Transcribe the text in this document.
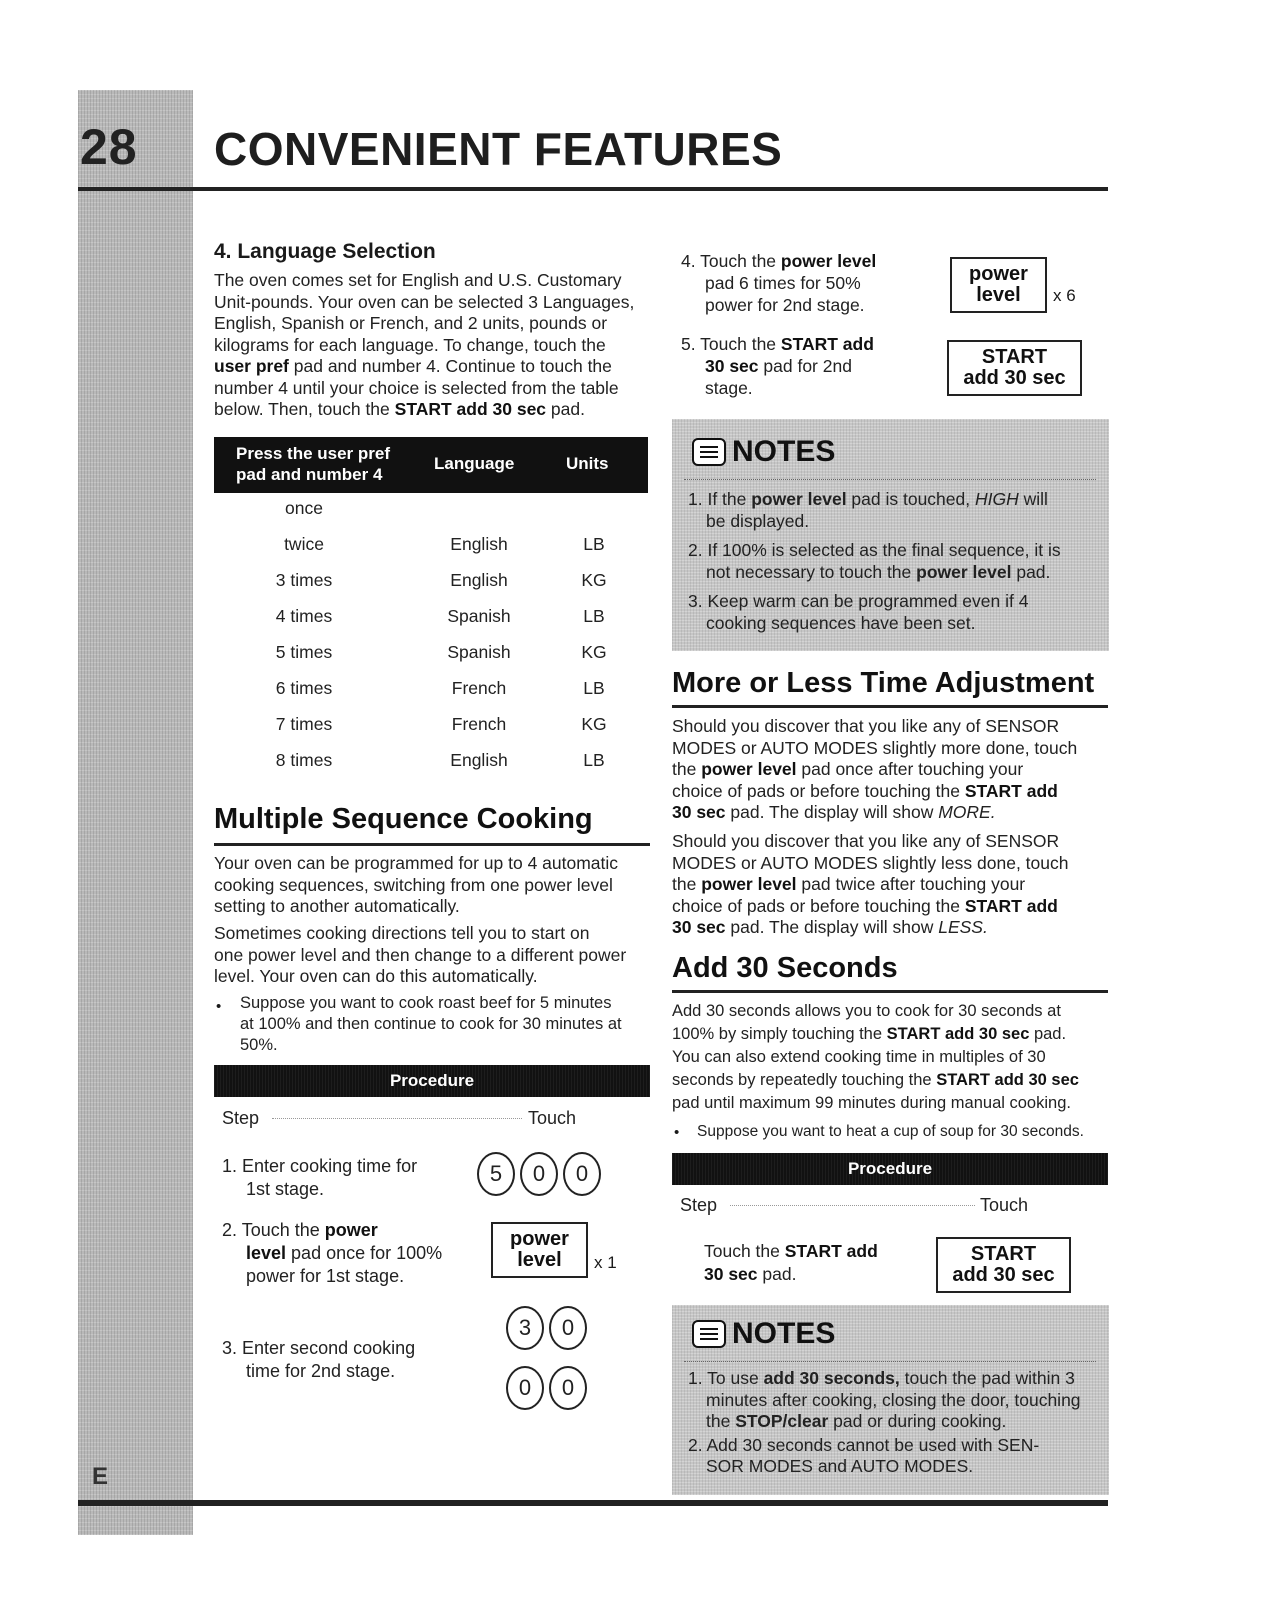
28 CONVENIENT FEATURES
E
4. Language Selection
The oven comes set for English and U.S. Customary
Unit-pounds. Your oven can be selected 3 Languages,
English, Spanish or French, and 2 units, pounds or
kilograms for each language. To change, touch the
user pref pad and number 4. Continue to touch the
number 4 until your choice is selected from the table
below. Then, touch the START add 30 sec pad.
Press the user pref
pad and number 4
Language	Units
once
twice	English	LB
3 times	English	KG
4 times	Spanish	LB
5 times	Spanish	KG
6 times	French	LB
7 times	French	KG
8 times	English	LB
Multiple Sequence Cooking
Your oven can be programmed for up to 4 automatic
cooking sequences, switching from one power level
setting to another automatically.
Sometimes cooking directions tell you to start on
one power level and then change to a different power
level. Your oven can do this automatically.
• Suppose you want to cook roast beef for 5 minutes
at 100% and then continue to cook for 30 minutes at
50%.
Procedure
Step	Touch
1. Enter cooking time for
1st stage.
5	0	0
2. Touch the power
level pad once for 100%
power for 1st stage.
power
level x 1
3. Enter second cooking
time for 2nd stage.
3	0
0	0
4. Touch the power level
pad 6 times for 50%
power for 2nd stage.
power
level x 6
5. Touch the START add
30 sec pad for 2nd
stage.
START
add 30 sec
NOTES
1. If the power level pad is touched, HIGH will
be displayed.
2. If 100% is selected as the final sequence, it is
not necessary to touch the power level pad.
3. Keep warm can be programmed even if 4
cooking sequences have been set.
More or Less Time Adjustment
Should you discover that you like any of SENSOR
MODES or AUTO MODES slightly more done, touch
the power level pad once after touching your
choice of pads or before touching the START add
30 sec pad. The display will show MORE.
Should you discover that you like any of SENSOR
MODES or AUTO MODES slightly less done, touch
the power level pad twice after touching your
choice of pads or before touching the START add
30 sec pad. The display will show LESS.
Add 30 Seconds
Add 30 seconds allows you to cook for 30 seconds at
100% by simply touching the START add 30 sec pad.
You can also extend cooking time in multiples of 30
seconds by repeatedly touching the START add 30 sec
pad until maximum 99 minutes during manual cooking.
• Suppose you want to heat a cup of soup for 30 seconds.
Procedure
Step	Touch
Touch the START add
30 sec pad.
START
add 30 sec
NOTES
1. To use add 30 seconds, touch the pad within 3
minutes after cooking, closing the door, touching
the STOP/clear pad or during cooking.
2. Add 30 seconds cannot be used with SEN-
SOR MODES and AUTO MODES.
